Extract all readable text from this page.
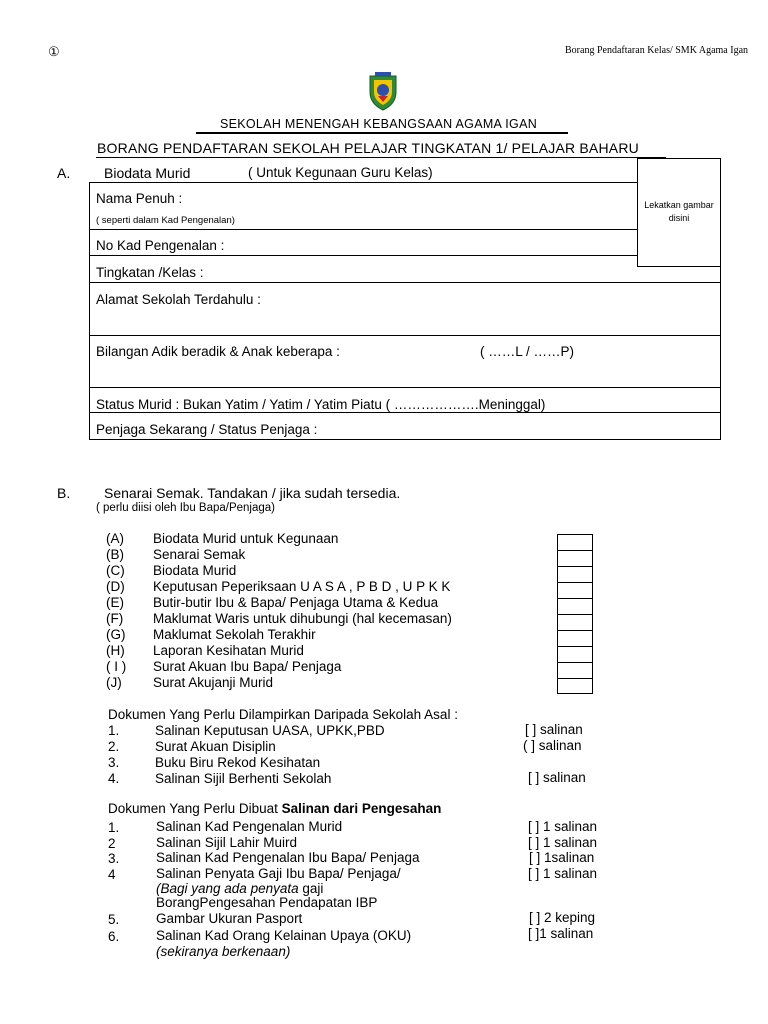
①	Borang Pendaftaran Kelas/ SMK Agama Igan
SEKOLAH MENENGAH KEBANGSAAN AGAMA IGAN
BORANG PENDAFTARAN SEKOLAH PELAJAR TINGKATAN 1/ PELAJAR BAHARU
A. Biodata Murid	( Untuk Kegunaan Guru Kelas)
Lekatkan gambar disini
Nama Penuh :
( seperti dalam Kad Pengenalan)
No Kad Pengenalan :
Tingkatan /Kelas :
Alamat Sekolah Terdahulu :
Bilangan Adik beradik & Anak keberapa :	( ……L / ……P)
Status Murid : Bukan Yatim / Yatim / Yatim Piatu ( ……………….Meninggal)
Penjaga Sekarang / Status Penjaga :
B. Senarai Semak. Tandakan / jika sudah tersedia.
( perlu diisi oleh Ibu Bapa/Penjaga)
(A) Biodata Murid untuk Kegunaan
(B) Senarai Semak
(C) Biodata Murid
(D) Keputusan Peperiksaan U A S A , P B D , U P K K
(E) Butir-butir Ibu & Bapa/ Penjaga Utama & Kedua
(F) Maklumat Waris untuk dihubungi (hal kecemasan)
(G) Maklumat Sekolah Terakhir
(H) Laporan Kesihatan Murid
( I ) Surat Akuan Ibu Bapa/ Penjaga
(J) Surat Akujanji Murid
Dokumen Yang Perlu Dilampirkan Daripada Sekolah Asal :
1.	Salinan Keputusan UASA, UPKK,PBD	[ ] salinan
2.	Surat Akuan Disiplin	( ] salinan
3.	Buku Biru Rekod Kesihatan
4.	Salinan Sijil Berhenti Sekolah	[ ] salinan
Dokumen Yang Perlu Dibuat Salinan dari Pengesahan
1.	Salinan Kad Pengenalan Murid	[ ] 1 salinan
2	Salinan Sijil Lahir Muird	[ ] 1 salinan
3.	Salinan Kad Pengenalan Ibu Bapa/ Penjaga	[ ] 1salinan
4	Salinan Penyata Gaji Ibu Bapa/ Penjaga/	[ ] 1 salinan
(Bagi yang ada penyata gaji
BorangPengesahan Pendapatan IBP
5.	Gambar Ukuran Pasport	[ ] 2 keping
6.	Salinan Kad Orang Kelainan Upaya (OKU)	[ ]1 salinan
(sekiranya berkenaan)
